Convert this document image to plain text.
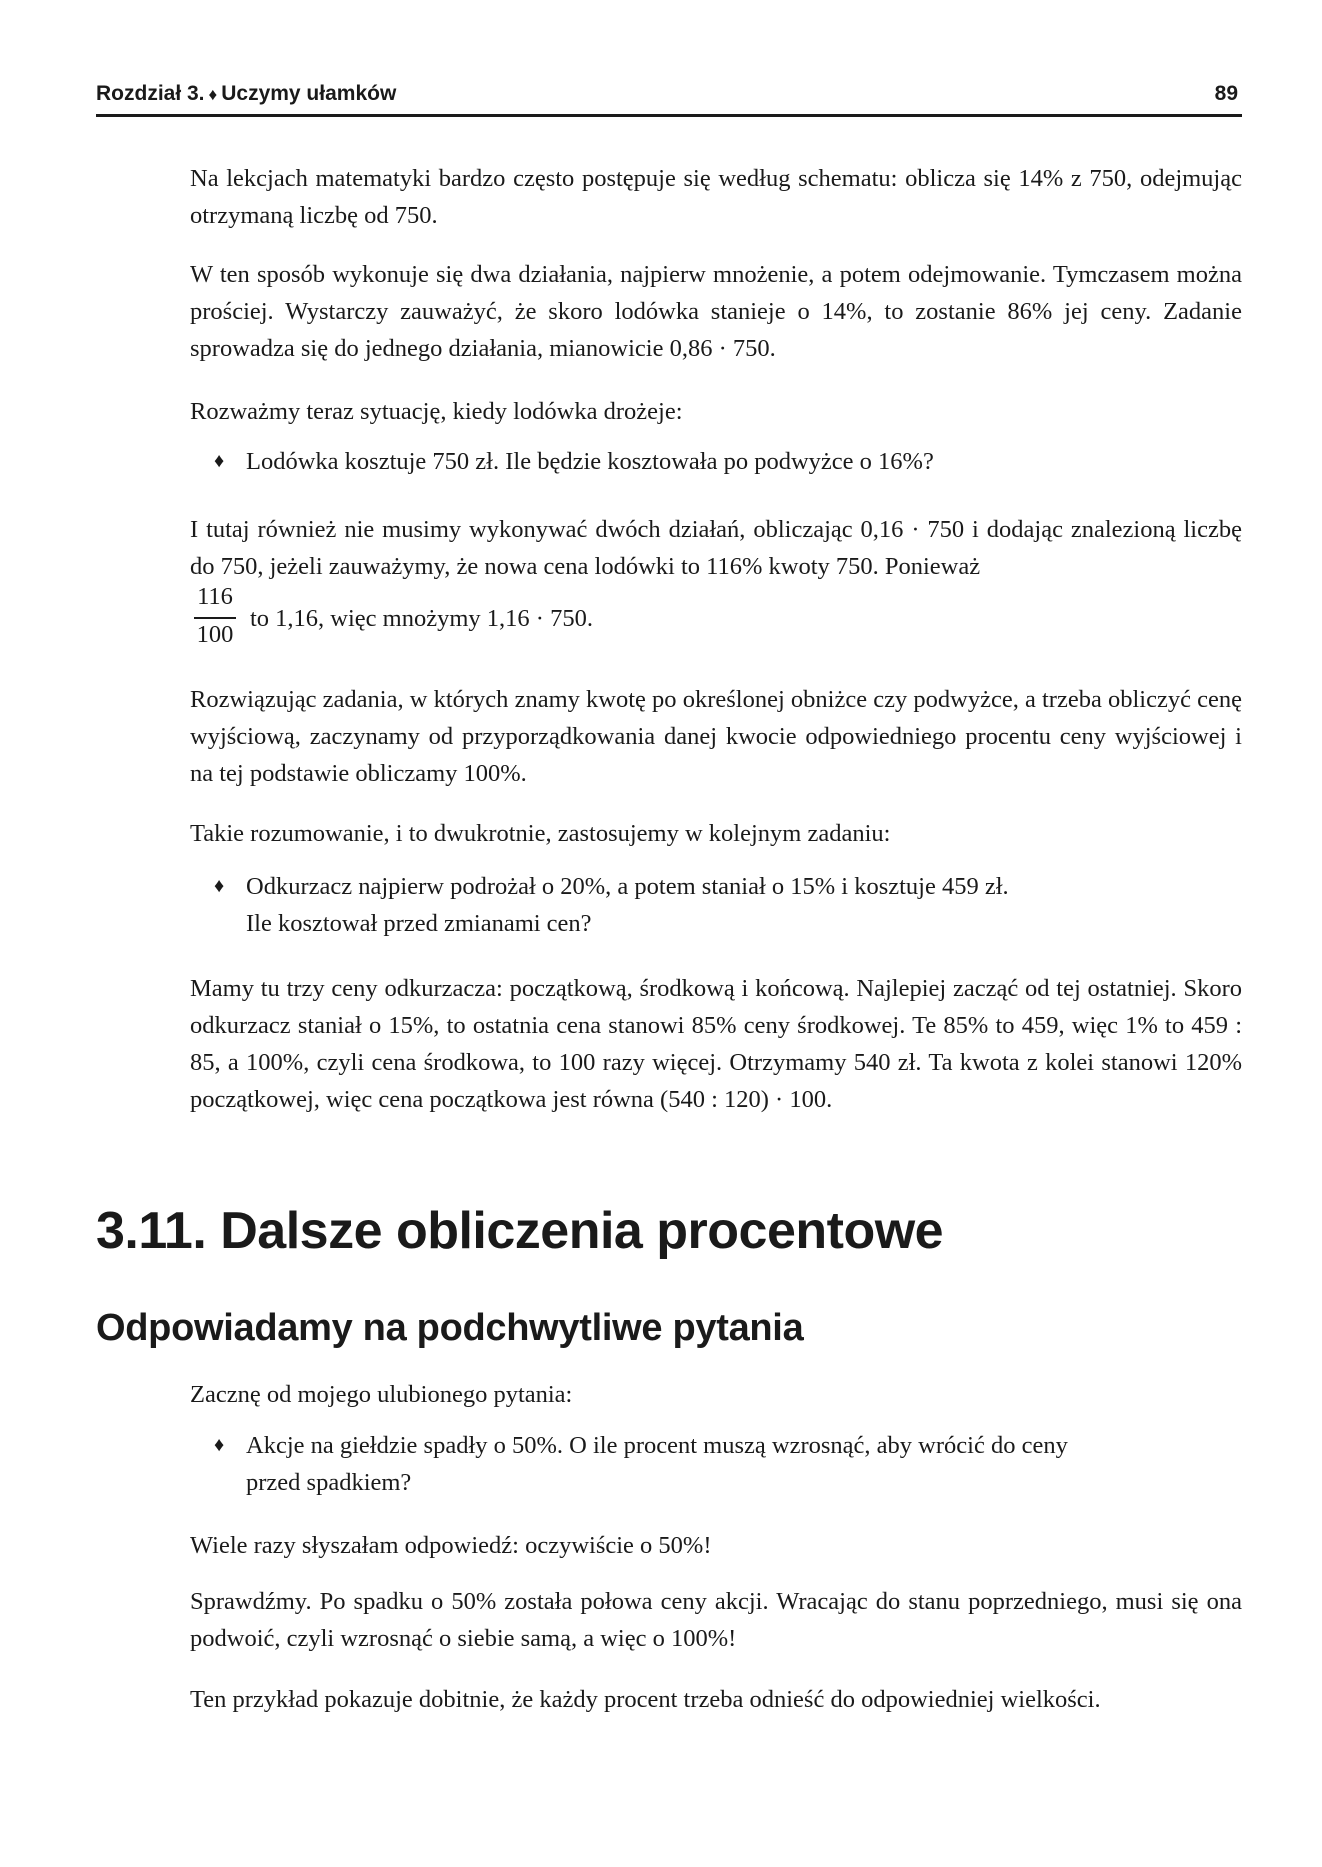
Rozdział 3. ♦ Uczymy ułamków	89

Na lekcjach matematyki bardzo często postępuje się według schematu: oblicza się 14% z 750, odejmując otrzymaną liczbę od 750.

W ten sposób wykonuje się dwa działania, najpierw mnożenie, a potem odejmowanie. Tymczasem można prościej. Wystarczy zauważyć, że skoro lodówka stanieje o 14%, to zostanie 86% jej ceny. Zadanie sprowadza się do jednego działania, mianowicie 0,86 · 750.

Rozważmy teraz sytuację, kiedy lodówka drożeje:

♦ Lodówka kosztuje 750 zł. Ile będzie kosztowała po podwyżce o 16%?

I tutaj również nie musimy wykonywać dwóch działań, obliczając 0,16 · 750 i dodając znalezioną liczbę do 750, jeżeli zauważymy, że nowa cena lodówki to 116% kwoty 750. Ponieważ

116
100
to 1,16, więc mnożymy 1,16 · 750.

Rozwiązując zadania, w których znamy kwotę po określonej obniżce czy podwyżce, a trzeba obliczyć cenę wyjściową, zaczynamy od przyporządkowania danej kwocie odpowiedniego procentu ceny wyjściowej i na tej podstawie obliczamy 100%.

Takie rozumowanie, i to dwukrotnie, zastosujemy w kolejnym zadaniu:

♦ Odkurzacz najpierw podrożał o 20%, a potem staniał o 15% i kosztuje 459 zł.
Ile kosztował przed zmianami cen?

Mamy tu trzy ceny odkurzacza: początkową, środkową i końcową. Najlepiej zacząć od tej ostatniej. Skoro odkurzacz staniał o 15%, to ostatnia cena stanowi 85% ceny środkowej. Te 85% to 459, więc 1% to 459 : 85, a 100%, czyli cena środkowa, to 100 razy więcej. Otrzymamy 540 zł. Ta kwota z kolei stanowi 120% początkowej, więc cena początkowa jest równa (540 : 120) · 100.

3.11. Dalsze obliczenia procentowe
Odpowiadamy na podchwytliwe pytania

Zacznę od mojego ulubionego pytania:

♦ Akcje na giełdzie spadły o 50%. O ile procent muszą wzrosnąć, aby wrócić do ceny
przed spadkiem?

Wiele razy słyszałam odpowiedź: oczywiście o 50%!

Sprawdźmy. Po spadku o 50% została połowa ceny akcji. Wracając do stanu poprzedniego, musi się ona podwoić, czyli wzrosnąć o siebie samą, a więc o 100%!

Ten przykład pokazuje dobitnie, że każdy procent trzeba odnieść do odpowiedniej wielkości.
